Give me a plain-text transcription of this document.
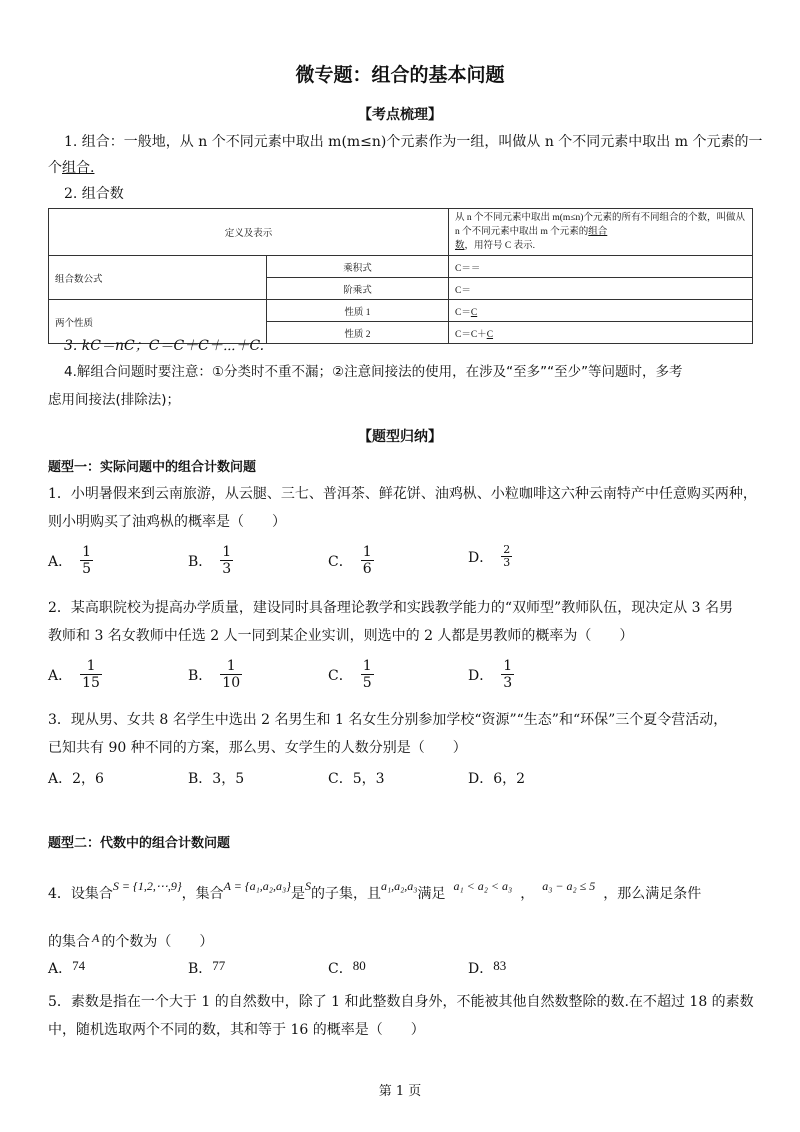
微专题：组合的基本问题
【考点梳理】
1. 组合：一般地，从 n 个不同元素中取出 m(m≤n)个元素作为一组，叫做从 n 个不同元素中取出 m 个元素的一
个组合.
2. 组合数
定义及表示		从 n 个不同元素中取出 m(m≤n)个元素的所有不同组合的个数，叫做从 n 个不同元素中取出 m 个元素的组合
数，用符号 C 表示.
组合数公式	乘积式	C＝＝
	阶乘式	C＝
两个性质	性质 1	C＝C
	性质 2	C＝C＋C
3. kC＝nC；C＝C＋C＋⋯＋C.
4.解组合问题时要注意：①分类时不重不漏；②注意间接法的使用，在涉及“至多”“至少”等问题时，多考
虑用间接法(排除法)；
【题型归纳】
题型一：实际问题中的组合计数问题
1．小明暑假来到云南旅游，从云腿、三七、普洱茶、鲜花饼、油鸡枞、小粒咖啡这六种云南特产中任意购买两种，
则小明购买了油鸡枞的概率是（　　）
A． $\frac{1}{5}$	B． $\frac{1}{3}$	C． $\frac{1}{6}$	D． $\frac{2}{3}$
2．某高职院校为提高办学质量，建设同时具备理论教学和实践教学能力的“双师型”教师队伍，现决定从 3 名男
教师和 3 名女教师中任选 2 人一同到某企业实训，则选中的 2 人都是男教师的概率为（　　）
A． $\frac{1}{15}$	B． $\frac{1}{10}$	C． $\frac{1}{5}$	D． $\frac{1}{3}$
3．现从男、女共 8 名学生中选出 2 名男生和 1 名女生分别参加学校“资源”“生态”和“环保”三个夏令营活动，
已知共有 90 种不同的方案，那么男、女学生的人数分别是（　　）
A．2，6	B．3，5	C．5，3	D．6，2
题型二：代数中的组合计数问题
4．设集合S = {1,2,⋯,9}，集合A = {a₁,a₂,a₃}是S的子集，且a₁,a₂,a₃满足 a₁ < a₂ < a₃ ， a₃ − a₂ ≤ 5 ，那么满足条件
的集合 A 的个数为（　　）
A．74	B．77	C．80	D．83
5．素数是指在一个大于 1 的自然数中，除了 1 和此整数自身外，不能被其他自然数整除的数.在不超过 18 的素数
中，随机选取两个不同的数，其和等于 16 的概率是（　　）
第 1 页
